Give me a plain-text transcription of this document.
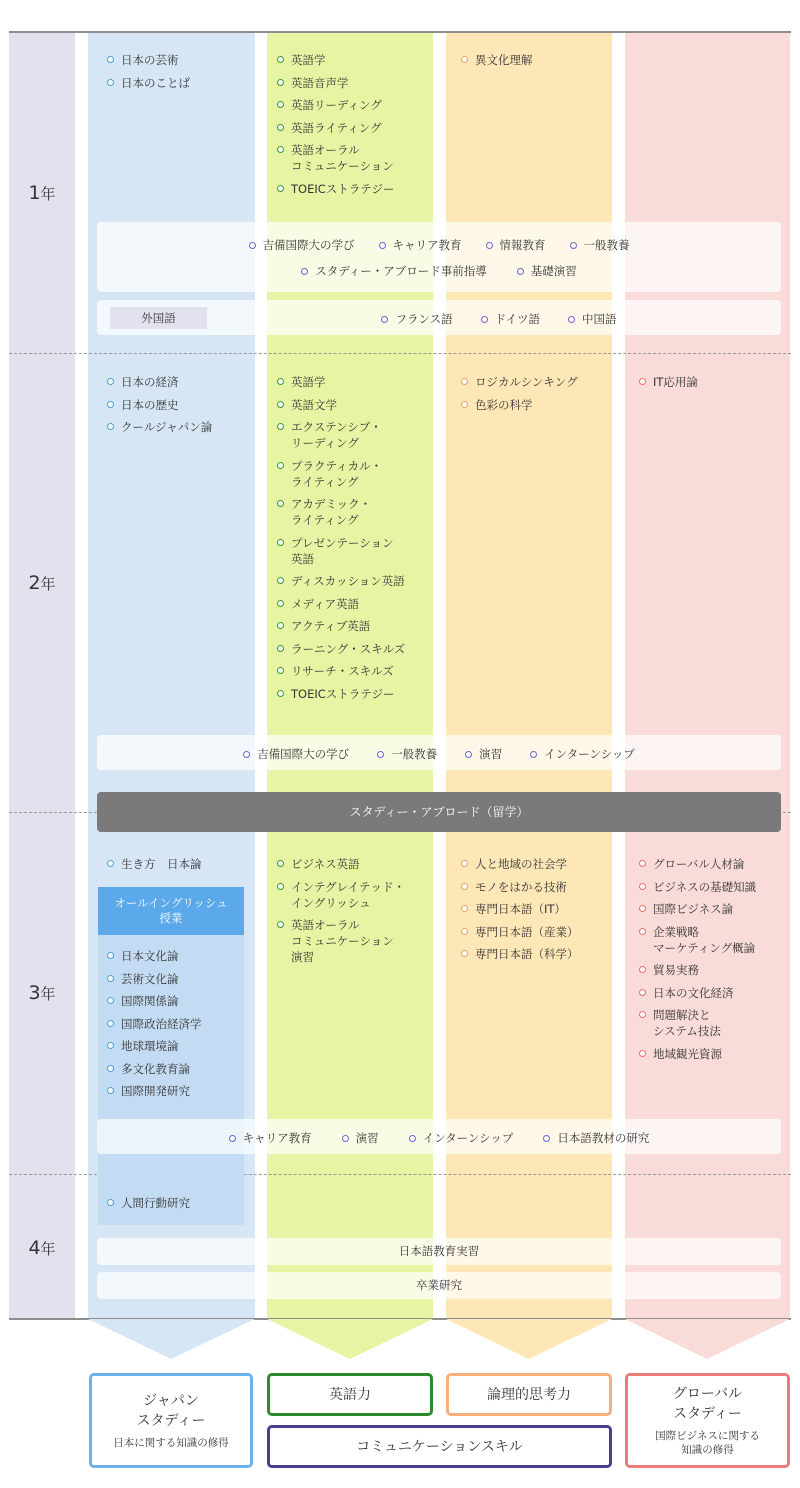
1年
2年
3年
4年
日本の芸術
日本のことば
英語学
英語音声学
英語リーディング
英語ライティング
英語オーラル
コミュニケーション
TOEICストラテジー
異文化理解
吉備国際大の学び	キャリア教育	情報教育	一般教養
スタディー・アブロード事前指導	基礎演習
フランス語	ドイツ語	中国語
外国語
日本の経済
日本の歴史
クールジャパン論
英語学
英語文学
エクステンシブ・
リーディング
プラクティカル・
ライティング
アカデミック・
ライティング
プレゼンテーション
英語
ディスカッション英語
メディア英語
アクティブ英語
ラーニング・スキルズ
リサーチ・スキルズ
TOEICストラテジー
ロジカルシンキング
色彩の科学
IT応用論
吉備国際大の学び	一般教養	演習	インターンシップ
スタディー・アブロード（留学）
生き方　日本論
オールイングリッシュ
授業
日本文化論
芸術文化論
国際関係論
国際政治経済学
地球環境論
多文化教育論
国際開発研究
ビジネス英語
インテグレイテッド・
イングリッシュ
英語オーラル
コミュニケーション
演習
人と地域の社会学
モノをはかる技術
専門日本語（IT）
専門日本語（産業）
専門日本語（科学）
グローバル人材論
ビジネスの基礎知識
国際ビジネス論
企業戦略
マーケティング概論
貿易実務
日本の文化経済
問題解決と
システム技法
地域観光資源
キャリア教育	演習	インターンシップ	日本語教材の研究
人間行動研究
日本語教育実習
卒業研究
ジャパン
スタディー
日本に関する知識の修得
英語力	論理的思考力
コミュニケーションスキル
グローバル
スタディー
国際ビジネスに関する
知識の修得
